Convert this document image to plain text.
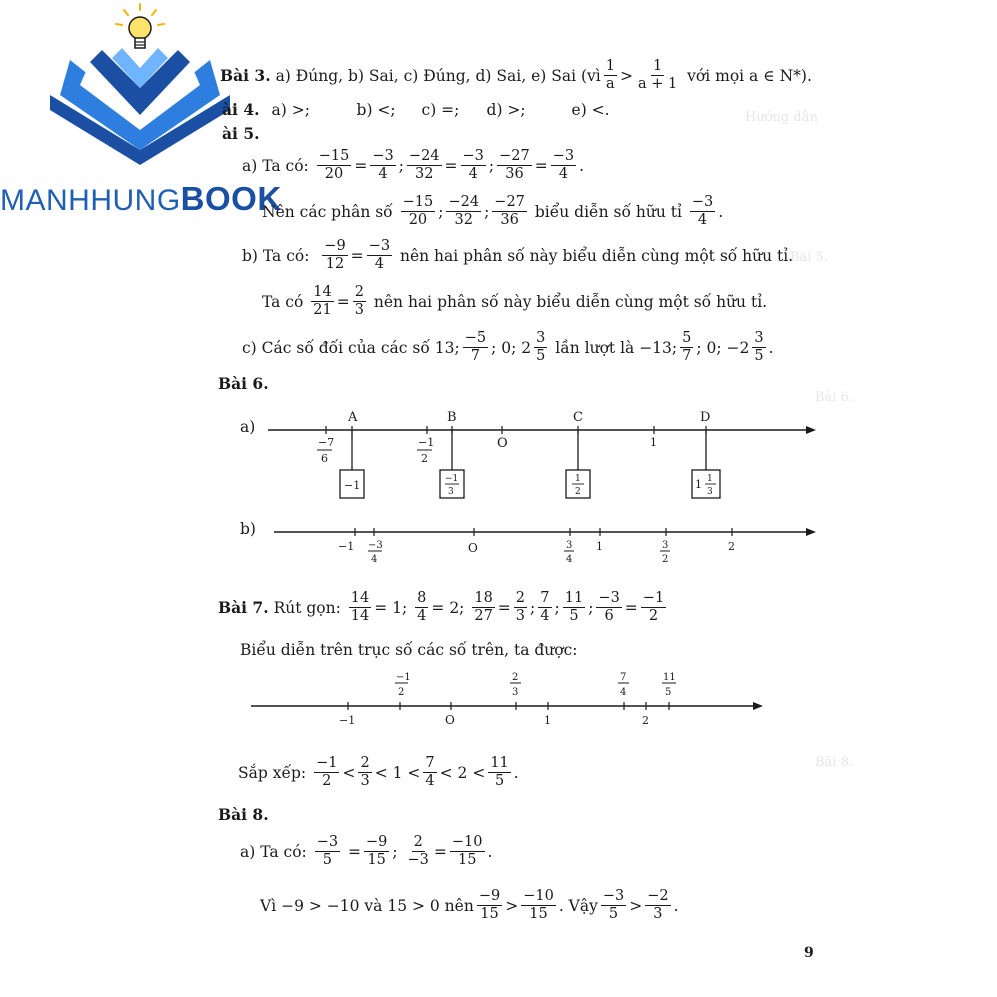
Hướng dẫn
Bài 5.
Bài 6.
Bài 8.
MANHHUNGBOOK
Bài 3.
a) Đúng, b) Sai, c) Đúng, d) Sai, e) Sai (vì
1
a >
1
a + 1
với mọi a ∈ N*).
ài 4. a) >;	b) <;	c) =;	d) >;	e) <.
ài 5.
a) Ta có:

−15
20 =
−3
4 ;
−24
32 =
−3
4 ;
−27
36 =
−3
4 .
Nên các phân số

−15
20 ;
−24
32 ;
−27
36
biểu diễn số hữu tỉ

−3
4 .
b) Ta có:

−9
12 =
−3
4
nên hai phân số này biểu diễn cùng một số hữu tỉ.
Ta có

14
21 =
2
3
nên hai phân số này biểu diễn cùng một số hữu tỉ.
c) Các số đối của các số 13;
−5
7 ; 0; 2
3
5
lần lượt là −13;
5
7 ; 0; −2
3
5 .
Bài 6.
a)
A	B	C	D
−7
6
−1
2
O	1
−1	−1
3
1
2
1 1
3
b)
−1 −3
4
O	3
4
1	3
2
2
Bài 7.
Rút gọn:
$\frac{14}{14} = 1$;
$\frac{8}{4} = 2$;
$\frac{18}{27} = \frac{2}{3}$ ;
7
4 ;
11
5 ; $\frac{-3}{6} = \frac{-1}{2}$
Biểu diễn trên trục số các số trên, ta được:
−1
2
2
3
7
4
11
5
−1	O	1	2
Sắp xếp:

−1
2 <
2
3 < 1 <
7
4 < 2 <
11
5 .
Bài 8.
a) Ta có:

−3
5 =
−9
15 ;
2
−3 =
−10
15 .
Vì −9 > −10 và 15 > 0 nên
−9
15 >
−10
15 . Vậy
−3
5 >
−2
3 .
9
